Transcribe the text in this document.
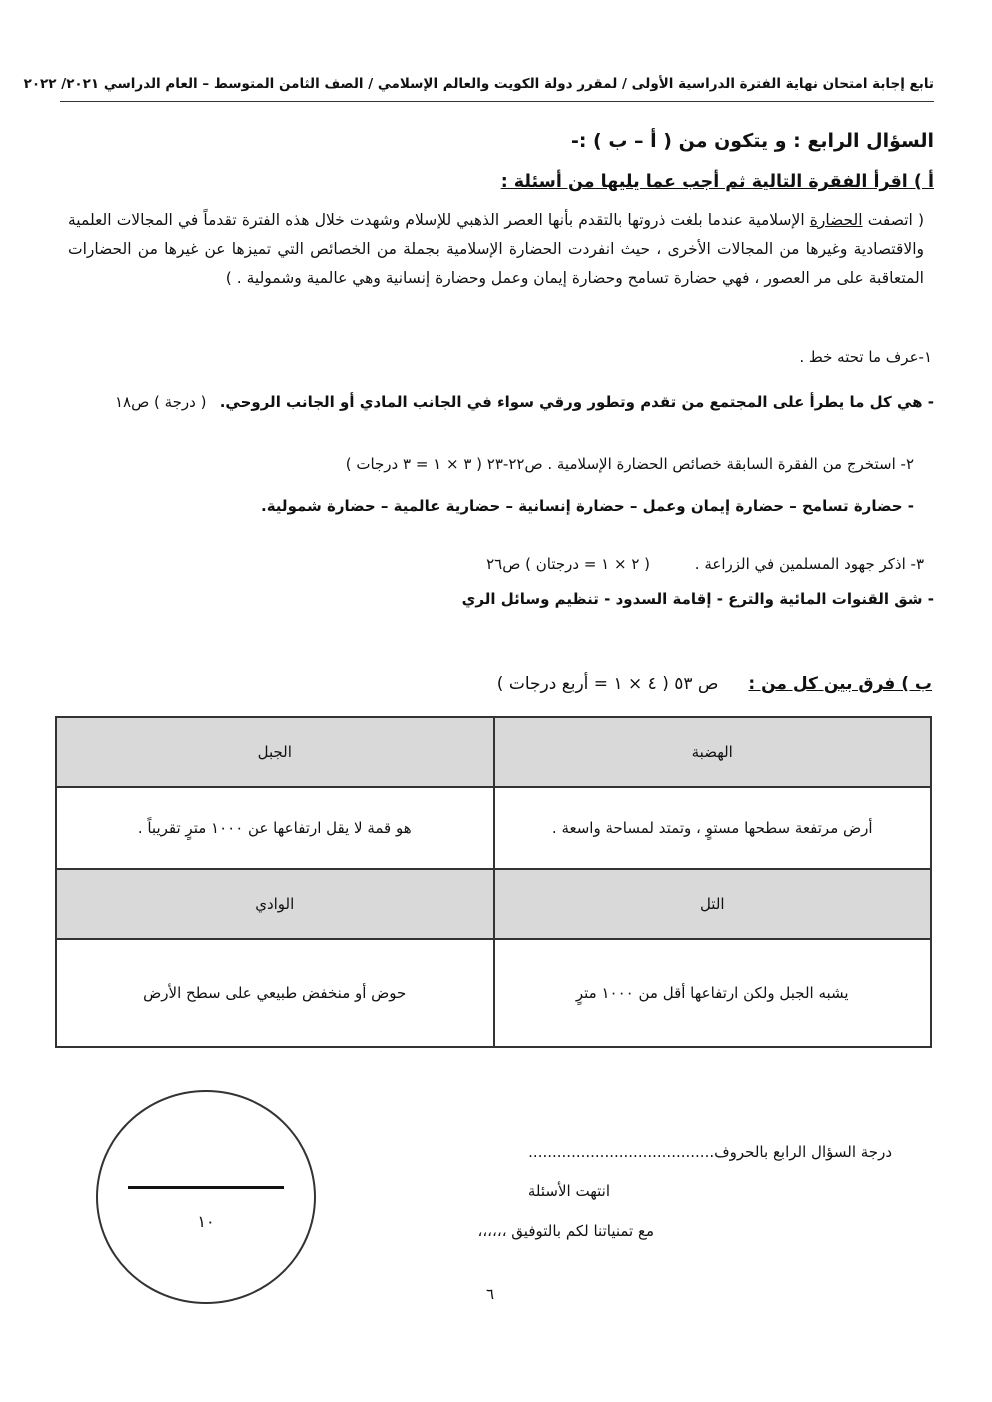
تابع إجابة امتحان نهاية الفترة الدراسية الأولى / لمقرر دولة الكويت والعالم الإسلامي / الصف الثامن المتوسط – العام الدراسي ٢٠٢١/ ٢٠٢٢
السؤال الرابع : و يتكون من ( أ – ب ) :-
أ ) اقرأ الفقرة التالية ثم أجب عما يليها من أسئلة :
( اتصفت الحضارة الإسلامية عندما بلغت ذروتها بالتقدم بأنها العصر الذهبي للإسلام وشهدت خلال هذه الفترة تقدماً في المجالات العلمية والاقتصادية وغيرها من المجالات الأخرى ، حيث انفردت الحضارة الإسلامية بجملة من الخصائص التي تميزها عن غيرها من الحضارات المتعاقبة على مر العصور ، فهي حضارة تسامح وحضارة إيمان وعمل وحضارة إنسانية وهي عالمية وشمولية . )
١-عرف ما تحته خط .
- هي كل ما يطرأ على المجتمع من تقدم وتطور ورقي سواء في الجانب المادي أو الجانب الروحي. ( درجة ) ص١٨
٢- استخرج من الفقرة السابقة خصائص الحضارة الإسلامية . ص٢٢-٢٣ ( ٣ × ١ = ٣ درجات )
- حضارة تسامح – حضارة إيمان وعمل – حضارة إنسانية – حضارية عالمية – حضارة شمولية.
٣- اذكر جهود المسلمين في الزراعة . ( ٢ × ١ = درجتان ) ص٢٦
- شق القنوات المائية والترع - إقامة السدود - تنظيم وسائل الري
ب ) فرق بين كل من : ص ٥٣ ( ٤ × ١ = أربع درجات )
الهضبة	الجبل
أرض مرتفعة سطحها مستوٍ ، وتمتد لمساحة واسعة .	هو قمة لا يقل ارتفاعها عن ١٠٠٠ مترٍ تقريباً .
التل	الوادي
يشبه الجبل ولكن ارتفاعها أقل من ١٠٠٠ مترٍ	حوض أو منخفض طبيعي على سطح الأرض
درجة السؤال الرابع بالحروف.......................................
انتهت الأسئلة
مع تمنياتنا لكم بالتوفيق ،،،،،،
١٠
٦
